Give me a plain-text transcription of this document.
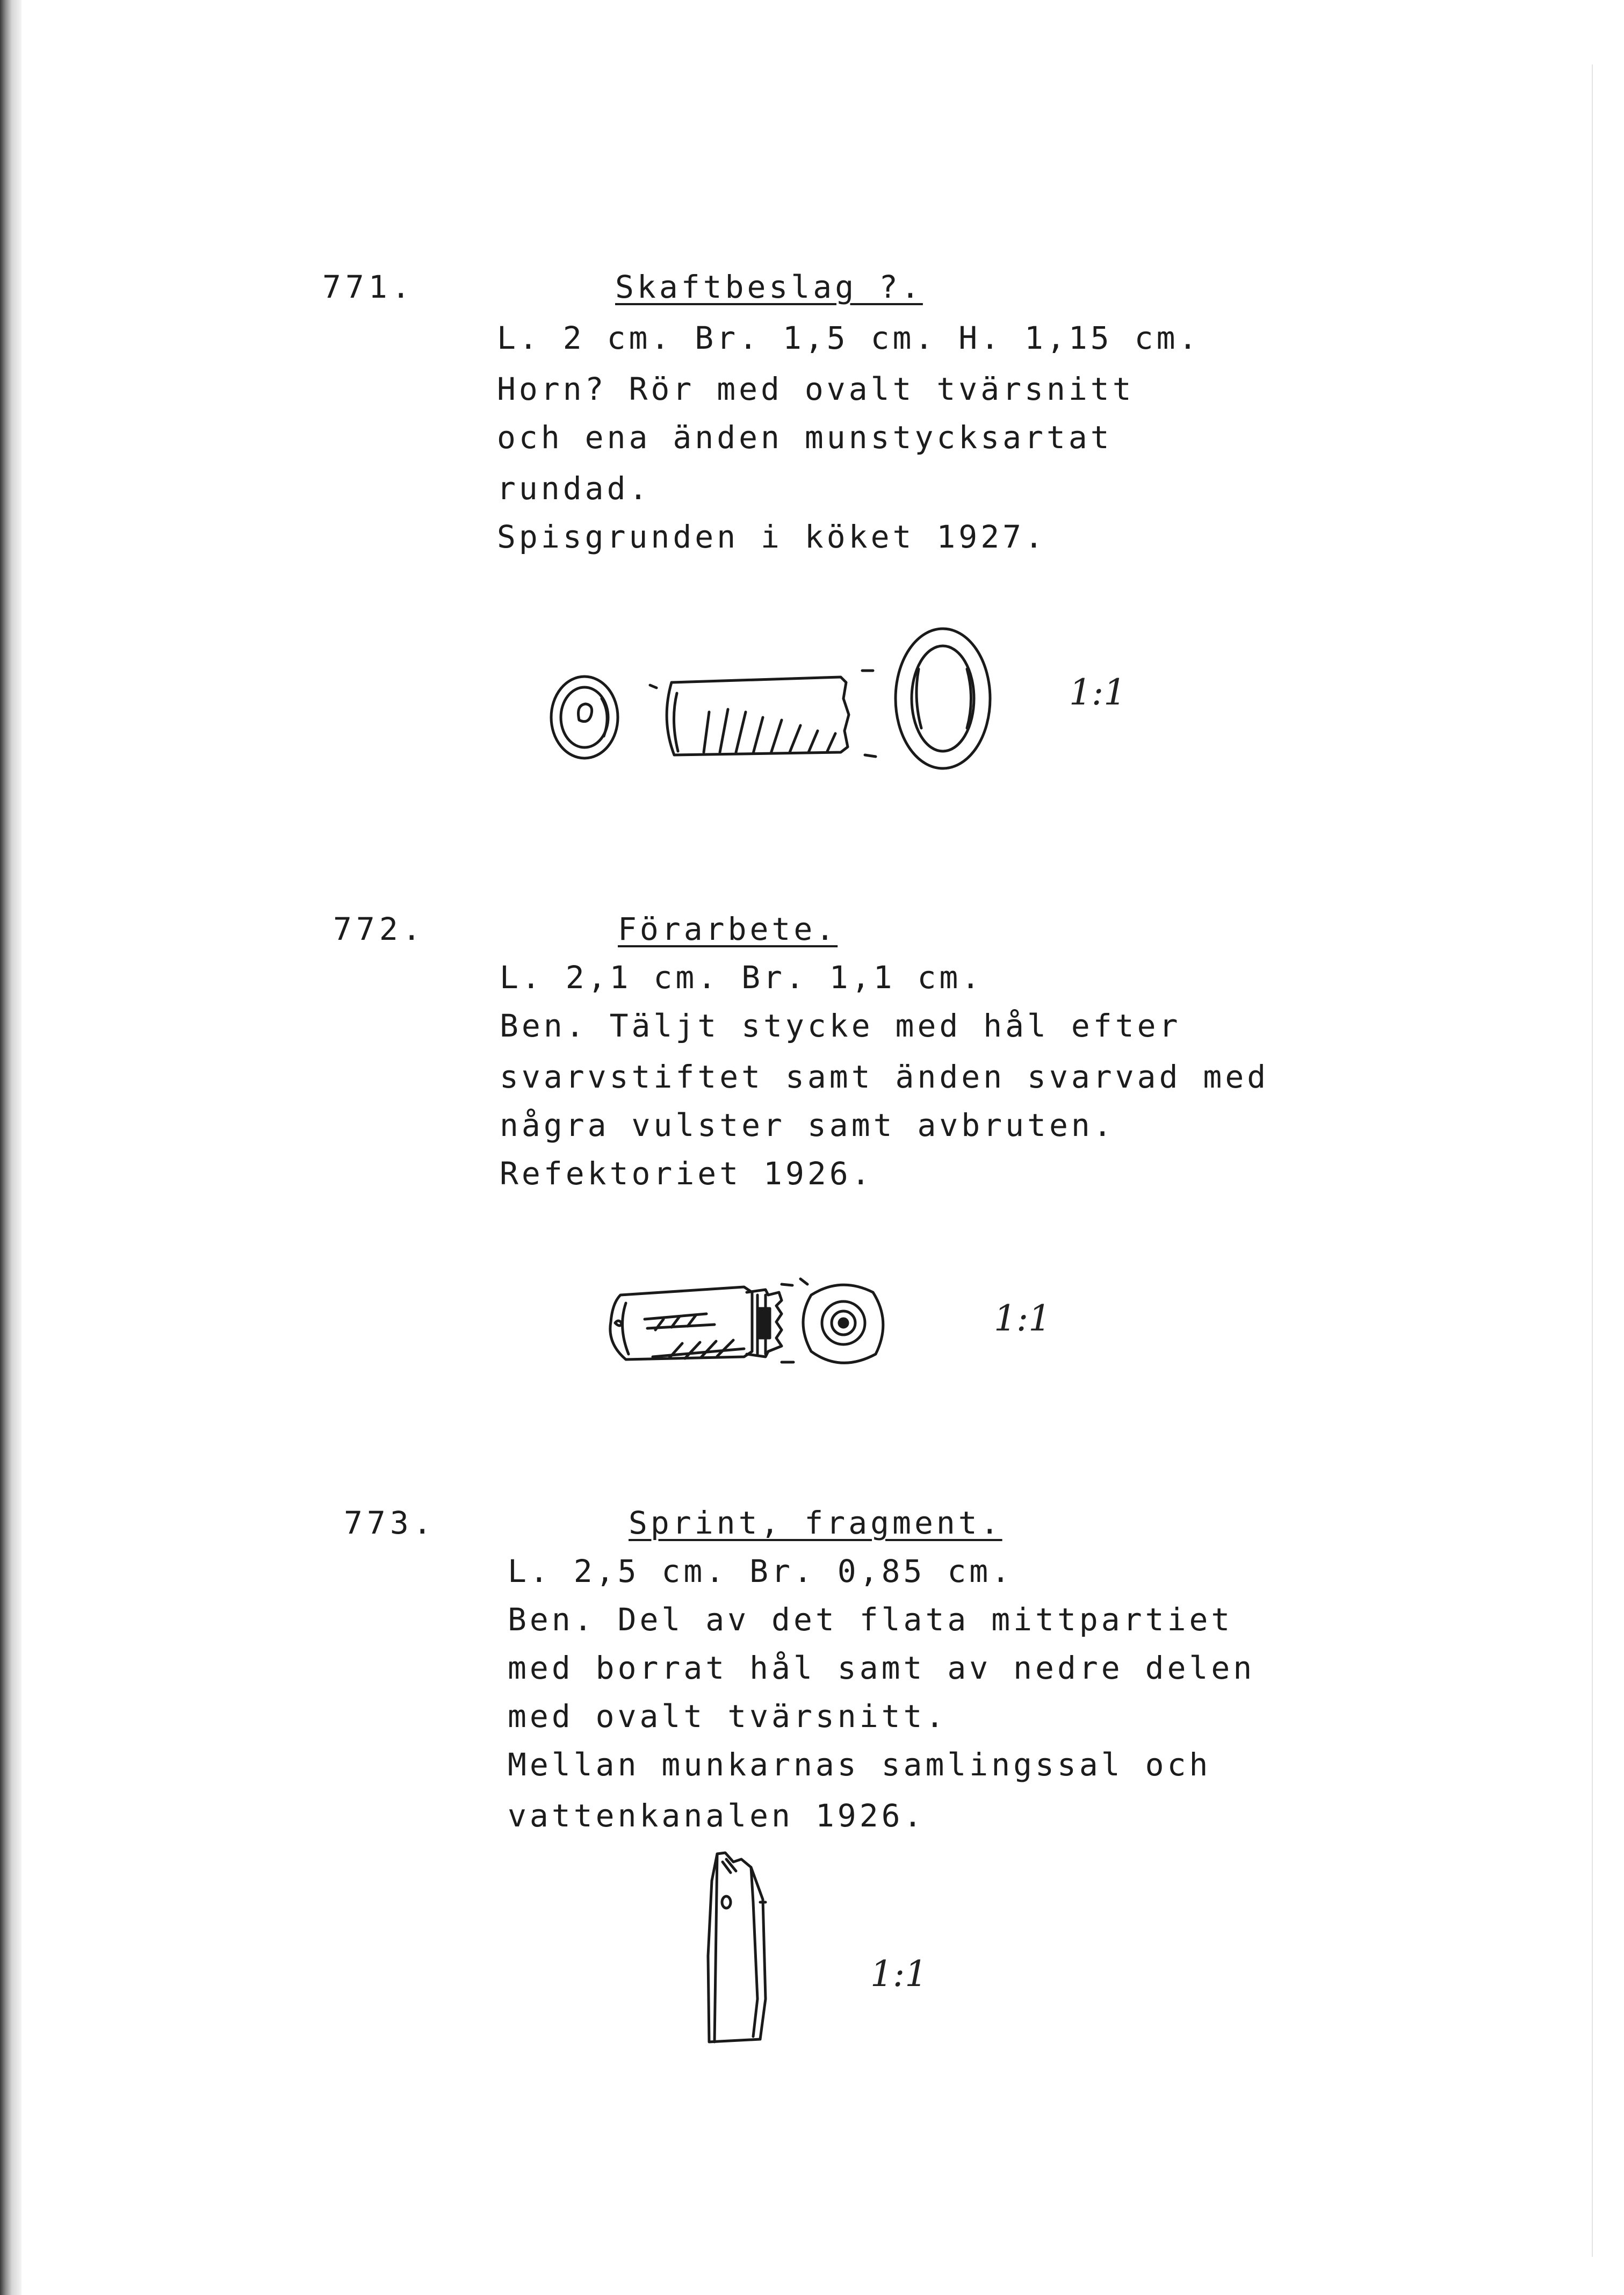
771.	Skaftbeslag ?.
L. 2 cm. Br. 1,5 cm. H. 1,15 cm.
Horn? Rör med ovalt tvärsnitt
och ena änden munstycksartat
rundad.
Spisgrunden i köket 1927.
1:1
772.	Förarbete.
L. 2,1 cm. Br. 1,1 cm.
Ben. Täljt stycke med hål efter
svarvstiftet samt änden svarvad med
några vulster samt avbruten.
Refektoriet 1926.
1:1
773.	Sprint, fragment.
L. 2,5 cm. Br. 0,85 cm.
Ben. Del av det flata mittpartiet
med borrat hål samt av nedre delen
med ovalt tvärsnitt.
Mellan munkarnas samlingssal och
vattenkanalen 1926.
1:1
